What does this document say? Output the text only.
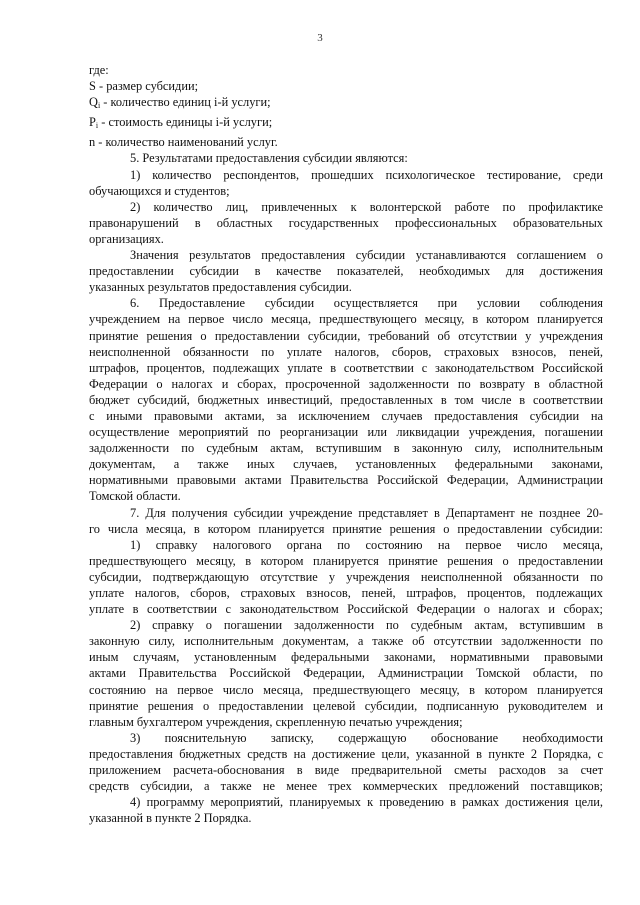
3
где:
S - размер субсидии;
$Q_i$ - количество единиц i-й услуги;
$P_i$ - стоимость единицы i-й услуги;
n - количество наименований услуг.
5. Результатами предоставления субсидии являются:
1) количество респондентов, прошедших психологическое тестирование, среди
обучающихся и студентов;
2) количество лиц, привлеченных к волонтерской работе по профилактике
правонарушений в областных государственных профессиональных образовательных
организациях.
Значения результатов предоставления субсидии устанавливаются соглашением о
предоставлении субсидии в качестве показателей, необходимых для достижения
указанных результатов предоставления субсидии.
6. Предоставление субсидии осуществляется при условии соблюдения
учреждением на первое число месяца, предшествующего месяцу, в котором планируется
принятие решения о предоставлении субсидии, требований об отсутствии у учреждения
неисполненной обязанности по уплате налогов, сборов, страховых взносов, пеней,
штрафов, процентов, подлежащих уплате в соответствии с законодательством Российской
Федерации о налогах и сборах, просроченной задолженности по возврату в областной
бюджет субсидий, бюджетных инвестиций, предоставленных в том числе в соответствии
с иными правовыми актами, за исключением случаев предоставления субсидии на
осуществление мероприятий по реорганизации или ликвидации учреждения, погашении
задолженности по судебным актам, вступившим в законную силу, исполнительным
документам, а также иных случаев, установленных федеральными законами,
нормативными правовыми актами Правительства Российской Федерации, Администрации
Томской области.
7. Для получения субсидии учреждение представляет в Департамент не позднее 20-
го числа месяца, в котором планируется принятие решения о предоставлении субсидии:
1) справку налогового органа по состоянию на первое число месяца,
предшествующего месяцу, в котором планируется принятие решения о предоставлении
субсидии, подтверждающую отсутствие у учреждения неисполненной обязанности по
уплате налогов, сборов, страховых взносов, пеней, штрафов, процентов, подлежащих
уплате в соответствии с законодательством Российской Федерации о налогах и сборах;
2) справку о погашении задолженности по судебным актам, вступившим в
законную силу, исполнительным документам, а также об отсутствии задолженности по
иным случаям, установленным федеральными законами, нормативными правовыми
актами Правительства Российской Федерации, Администрации Томской области, по
состоянию на первое число месяца, предшествующего месяцу, в котором планируется
принятие решения о предоставлении целевой субсидии, подписанную руководителем и
главным бухгалтером учреждения, скрепленную печатью учреждения;
3) пояснительную записку, содержащую обоснование необходимости
предоставления бюджетных средств на достижение цели, указанной в пункте 2 Порядка, с
приложением расчета-обоснования в виде предварительной сметы расходов за счет
средств субсидии, а также не менее трех коммерческих предложений поставщиков;
4) программу мероприятий, планируемых к проведению в рамках достижения цели,
указанной в пункте 2 Порядка.
